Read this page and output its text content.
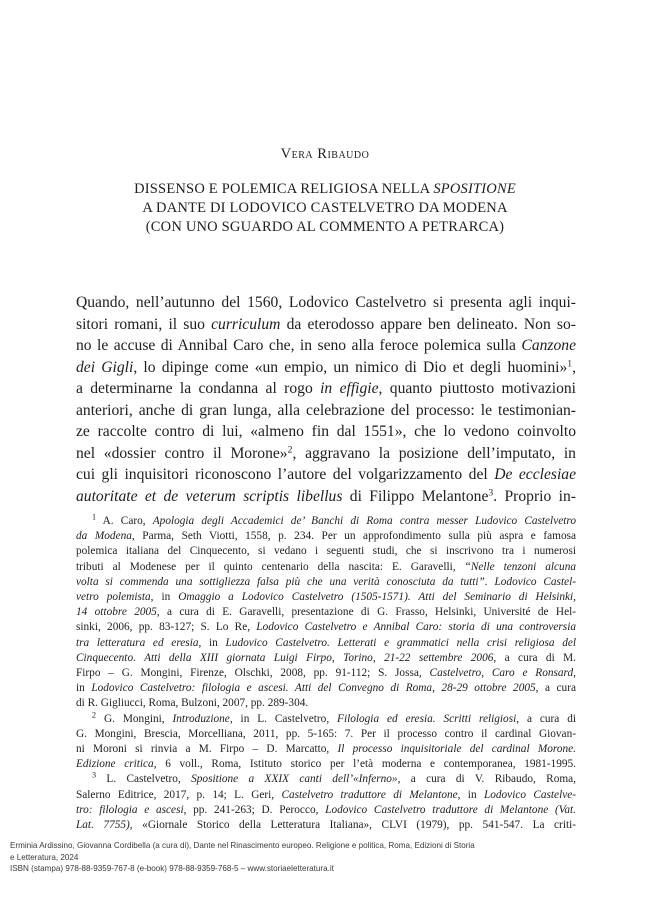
Vera Ribaudo
DISSENSO E POLEMICA RELIGIOSA NELLA SPOSITIONE
A DANTE DI LODOVICO CASTELVETRO DA MODENA
(CON UNO SGUARDO AL COMMENTO A PETRARCA)
Quando, nell’autunno del 1560, Lodovico Castelvetro si presenta agli inqui-
sitori romani, il suo curriculum da eterodosso appare ben delineato. Non so-
no le accuse di Annibal Caro che, in seno alla feroce polemica sulla Canzone
dei Gigli, lo dipinge come «un empio, un nimico di Dio et degli huomini»$^1$,
a determinarne la condanna al rogo in effigie, quanto piuttosto motivazioni
anteriori, anche di gran lunga, alla celebrazione del processo: le testimonian-
ze raccolte contro di lui, «almeno fin dal 1551», che lo vedono coinvolto
nel «dossier contro il Morone»$^2$, aggravano la posizione dell’imputato, in
cui gli inquisitori riconoscono l’autore del volgarizzamento del De ecclesiae
autoritate et de veterum scriptis libellus di Filippo Melantone$^3$. Proprio in-
$^1$ A. Caro, Apologia degli Accademici de’ Banchi di Roma contra messer Ludovico Castelvetro
da Modena, Parma, Seth Viotti, 1558, p. 234. Per un approfondimento sulla più aspra e famosa
polemica italiana del Cinquecento, si vedano i seguenti studi, che si inscrivono tra i numerosi
tributi al Modenese per il quinto centenario della nascita: E. Garavelli, “Nelle tenzoni alcuna
volta si commenda una sottigliezza falsa più che una verità conosciuta da tutti”. Lodovico Castel-
vetro polemista, in Omaggio a Lodovico Castelvetro (1505-1571). Atti del Seminario di Helsinki,
14 ottobre 2005, a cura di E. Garavelli, presentazione di G. Frasso, Helsinki, Université de Hel-
sinki, 2006, pp. 83-127; S. Lo Re, Lodovico Castelvetro e Annibal Caro: storia di una controversia
tra letteratura ed eresia, in Ludovico Castelvetro. Letterati e grammatici nella crisi religiosa del
Cinquecento. Atti della XIII giornata Luigi Firpo, Torino, 21-22 settembre 2006, a cura di M.
Firpo – G. Mongini, Firenze, Olschki, 2008, pp. 91-112; S. Jossa, Castelvetro, Caro e Ronsard,
in Lodovico Castelvetro: filologia e ascesi. Atti del Convegno di Roma, 28-29 ottobre 2005, a cura
di R. Gigliucci, Roma, Bulzoni, 2007, pp. 289-304.
$^2$ G. Mongini, Introduzione, in L. Castelvetro, Filologia ed eresia. Scritti religiosi, a cura di
G. Mongini, Brescia, Morcelliana, 2011, pp. 5-165: 7. Per il processo contro il cardinal Giovan-
ni Moroni si rinvia a M. Firpo – D. Marcatto, Il processo inquisitoriale del cardinal Morone.
Edizione critica, 6 voll., Roma, Istituto storico per l’età moderna e contemporanea, 1981-1995.
$^3$ L. Castelvetro, Spositione a XXIX canti dell’«Inferno», a cura di V. Ribaudo, Roma,
Salerno Editrice, 2017, p. 14; L. Geri, Castelvetro traduttore di Melantone, in Lodovico Castelve-
tro: filologia e ascesi, pp. 241-263; D. Perocco, Lodovico Castelvetro traduttore di Melantone (Vat.
Lat. 7755), «Giornale Storico della Letteratura Italiana», CLVI (1979), pp. 541-547. La criti-
Erminia Ardissino, Giovanna Cordibella (a cura di), Dante nel Rinascimento europeo. Religione e politica, Roma, Edizioni di Storia
e Letteratura, 2024
ISBN (stampa) 978-88-9359-767-8 (e-book) 978-88-9359-768-5 – www.storiaeletteratura.it
